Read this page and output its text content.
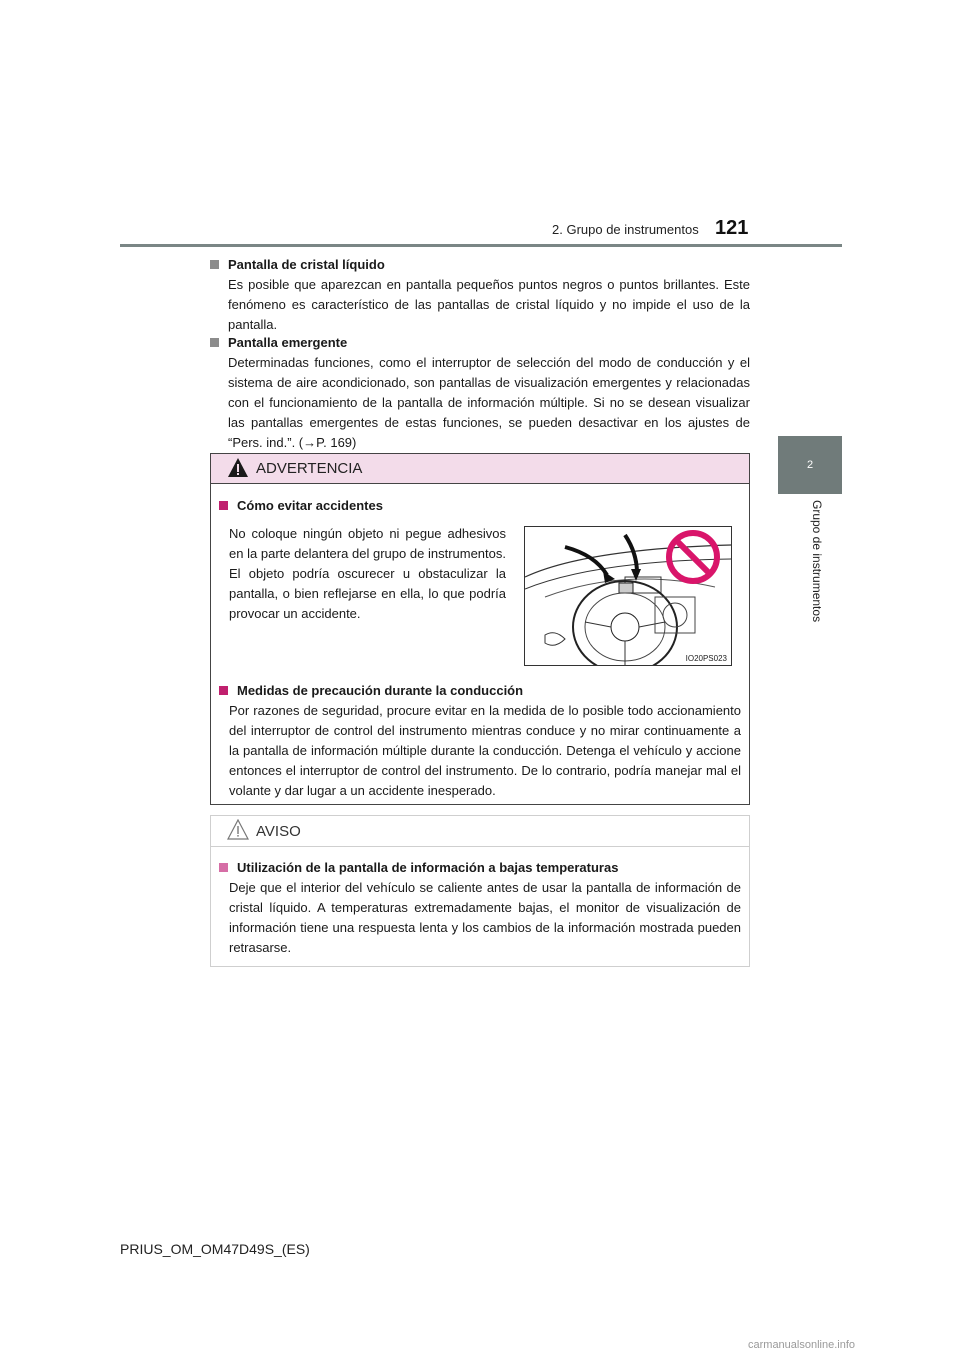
2. Grupo de instrumentos 121
2
Grupo de instrumentos
Pantalla de cristal líquido
Es posible que aparezcan en pantalla pequeños puntos negros o puntos brillantes. Este fenómeno es característico de las pantallas de cristal líquido y no impide el uso de la pantalla.
Pantalla emergente
Determinadas funciones, como el interruptor de selección del modo de conducción y el sistema de aire acondicionado, son pantallas de visualización emergentes y relacionadas con el funcionamiento de la pantalla de información múltiple. Si no se desean visualizar las pantallas emergentes de estas funciones, se pueden desactivar en los ajustes de “Pers. ind.”. (→P. 169)
ADVERTENCIA
Cómo evitar accidentes
No coloque ningún objeto ni pegue adhesivos en la parte delantera del grupo de instrumentos. El objeto podría oscurecer u obstaculizar la pantalla, o bien reflejarse en ella, lo que podría provocar un accidente.
IO20PS023
Medidas de precaución durante la conducción
Por razones de seguridad, procure evitar en la medida de lo posible todo accionamiento del interruptor de control del instrumento mientras conduce y no mirar continuamente a la pantalla de información múltiple durante la conducción. Detenga el vehículo y accione entonces el interruptor de control del instrumento. De lo contrario, podría manejar mal el volante y dar lugar a un accidente inesperado.
AVISO
Utilización de la pantalla de información a bajas temperaturas
Deje que el interior del vehículo se caliente antes de usar la pantalla de información de cristal líquido. A temperaturas extremadamente bajas, el monitor de visualización de información tiene una respuesta lenta y los cambios de la información mostrada pueden retrasarse.
PRIUS_OM_OM47D49S_(ES)
carmanualsonline.info
